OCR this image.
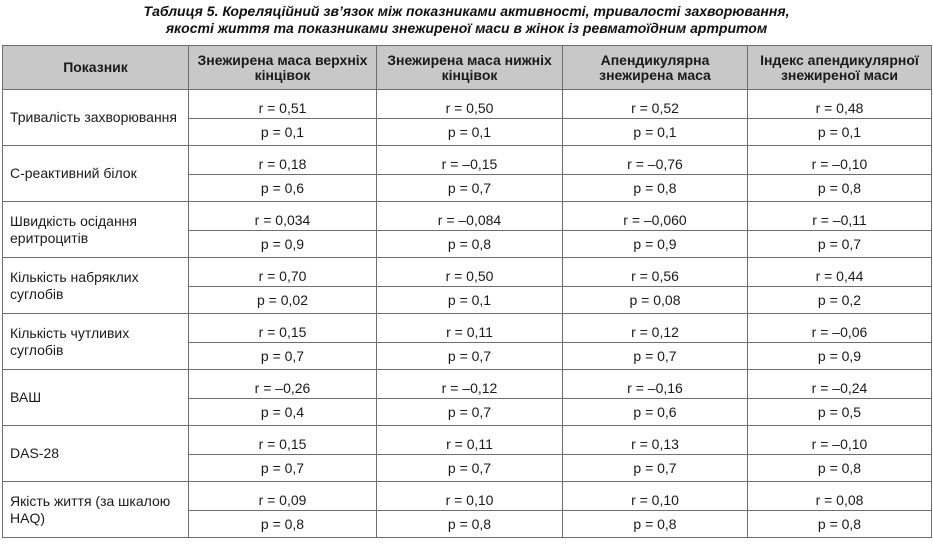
Таблиця 5. Кореляційний зв’язок між показниками активності, тривалості захворювання,
якості життя та показниками знежиреної маси в жінок із ревматоїдним артритом
Показник	Знежирена маса верхніх кінцівок	Знежирена маса нижніх кінцівок	Апендикулярна знежирена маса	Індекс апендикулярної знежиреної маси
Тривалість захворювання	r = 0,51	r = 0,50	r = 0,52	r = 0,48
	p = 0,1	p = 0,1	p = 0,1	p = 0,1
С-реактивний білок	r = 0,18	r = –0,15	r = –0,76	r = –0,10
	p = 0,6	p = 0,7	p = 0,8	p = 0,8
Швидкість осідання еритроцитів	r = 0,034	r = –0,084	r = –0,060	r = –0,11
	p = 0,9	p = 0,8	p = 0,9	p = 0,7
Кількість набряклих суглобів	r = 0,70	r = 0,50	r = 0,56	r = 0,44
	p = 0,02	p = 0,1	p = 0,08	p = 0,2
Кількість чутливих суглобів	r = 0,15	r = 0,11	r = 0,12	r = –0,06
	p = 0,7	p = 0,7	p = 0,7	p = 0,9
ВАШ	r = –0,26	r = –0,12	r = –0,16	r = –0,24
	p = 0,4	p = 0,7	p = 0,6	p = 0,5
DAS-28	r = 0,15	r = 0,11	r = 0,13	r = –0,10
	p = 0,7	p = 0,7	p = 0,7	p = 0,8
Якість життя (за шкалою HAQ)	r = 0,09	r = 0,10	r = 0,10	r = 0,08
	p = 0,8	p = 0,8	p = 0,8	p = 0,8
